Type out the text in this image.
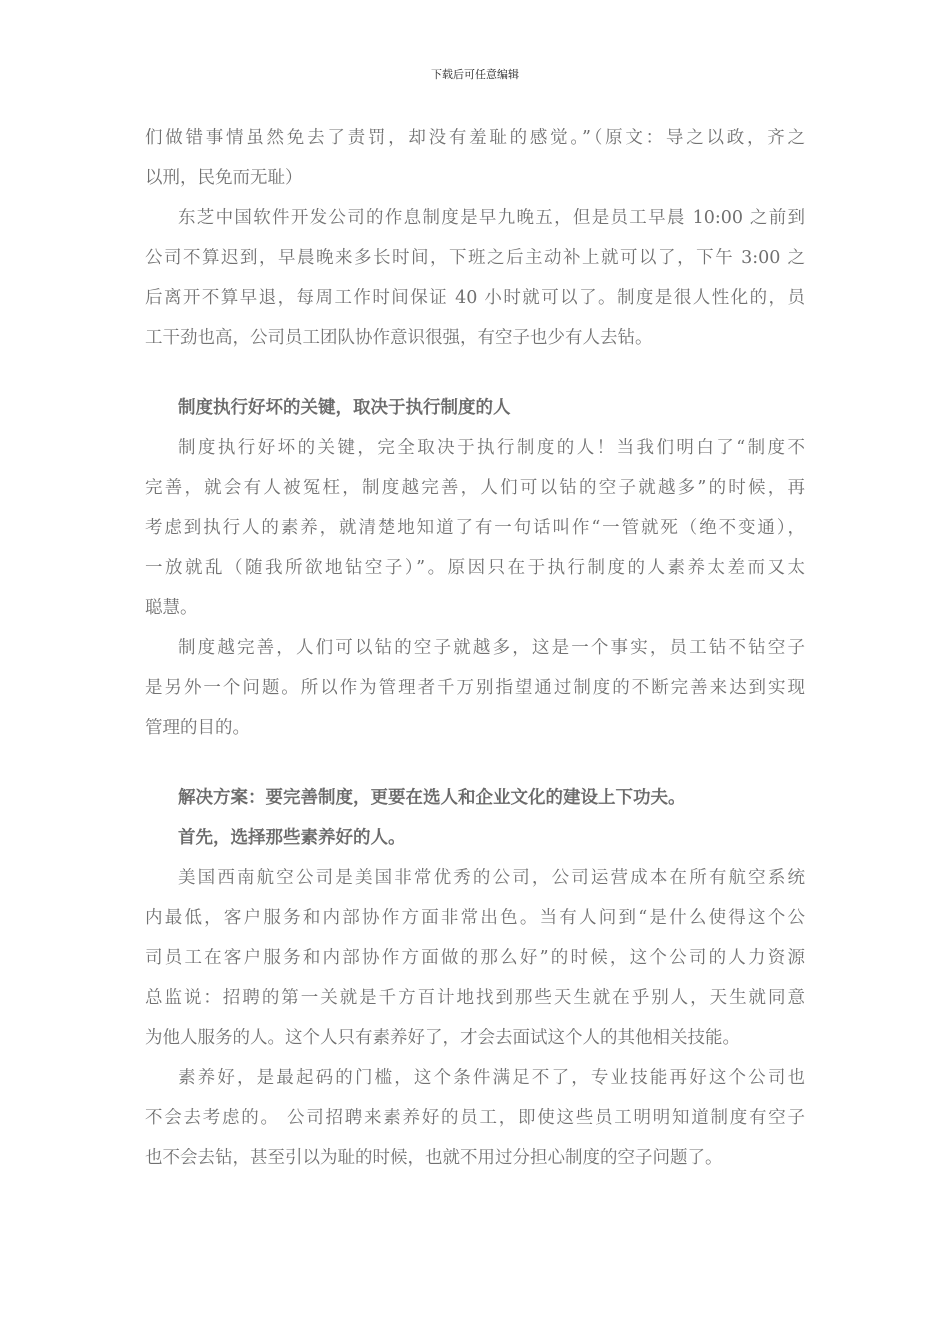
下载后可任意编辑
们做错事情虽然免去了责罚，却没有羞耻的感觉。”（原文：导之以政，齐之
以刑，民免而无耻）
东芝中国软件开发公司的作息制度是早九晚五，但是员工早晨 10:00 之前到
公司不算迟到，早晨晚来多长时间，下班之后主动补上就可以了，下午 3:00 之
后离开不算早退，每周工作时间保证 40 小时就可以了。制度是很人性化的，员
工干劲也高，公司员工团队协作意识很强，有空子也少有人去钻。
制度执行好坏的关键，取决于执行制度的人
制度执行好坏的关键，完全取决于执行制度的人！当我们明白了“制度不
完善，就会有人被冤枉，制度越完善，人们可以钻的空子就越多”的时候，再
考虑到执行人的素养，就清楚地知道了有一句话叫作“一管就死（绝不变通），
一放就乱（随我所欲地钻空子）”。原因只在于执行制度的人素养太差而又太
聪慧。
制度越完善，人们可以钻的空子就越多，这是一个事实，员工钻不钻空子
是另外一个问题。所以作为管理者千万别指望通过制度的不断完善来达到实现
管理的目的。
解决方案：要完善制度，更要在选人和企业文化的建设上下功夫。
首先，选择那些素养好的人。
美国西南航空公司是美国非常优秀的公司，公司运营成本在所有航空系统
内最低，客户服务和内部协作方面非常出色。当有人问到“是什么使得这个公
司员工在客户服务和内部协作方面做的那么好”的时候，这个公司的人力资源
总监说：招聘的第一关就是千方百计地找到那些天生就在乎别人，天生就同意
为他人服务的人。这个人只有素养好了，才会去面试这个人的其他相关技能。
素养好，是最起码的门槛，这个条件满足不了，专业技能再好这个公司也
不会去考虑的。 公司招聘来素养好的员工，即使这些员工明明知道制度有空子
也不会去钻，甚至引以为耻的时候，也就不用过分担心制度的空子问题了。
